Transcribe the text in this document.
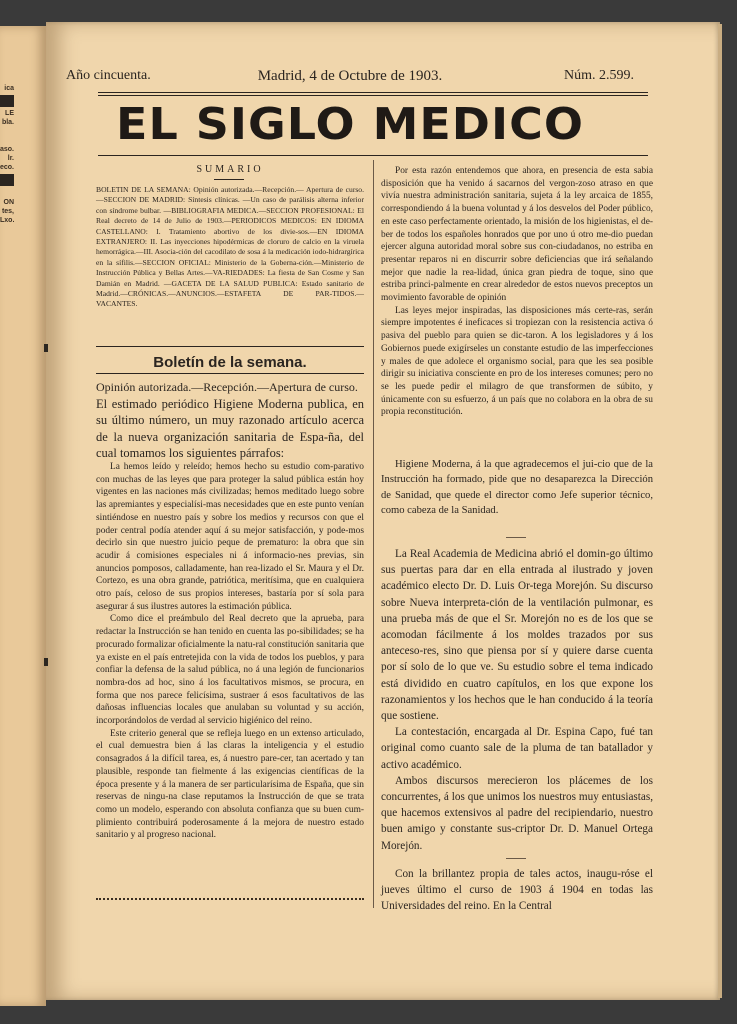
ica
LE
bla.
aso.
lr.
eco.
ON
tes,
Lxo.
Año cincuenta.	Madrid, 4 de Octubre de 1903.	Núm. 2.599.
EL SIGLO MEDICO
SUMARIO
BOLETIN DE LA SEMANA: Opinión autorizada.—Recepción.— Apertura de curso.—SECCION DE MADRID: Síntesis clínicas. —Un caso de parálisis alterna inferior con síndrome bulbar. —BIBLIOGRAFIA MEDICA.—SECCION PROFESIONAL: El Real decreto de 14 de Julio de 1903.—PERIODICOS MEDICOS: EN IDIOMA CASTELLANO: I. Tratamiento abortivo de los divie-sos.—EN IDIOMA EXTRANJERO: II. Las inyecciones hipodérmicas de cloruro de calcio en la viruela hemorrágica.—III. Asocia-ción del cacodilato de sosa á la medicación iodo-hidrargírica en la sífilis.—SECCION OFICIAL: Ministerio de la Goberna-ción.—Ministerio de Instrucción Pública y Bellas Artes.—VA-RIEDADES: La fiesta de San Cosme y San Damián en Madrid. —GACETA DE LA SALUD PUBLICA: Estado sanitario de Madrid.—CRÓNICAS.—ANUNCIOS.—ESTAFETA DE PAR-TIDOS.—VACANTES.
Boletín de la semana.
Opinión autorizada.—Recepción.—Apertura de curso.
El estimado periódico Higiene Moderna publica, en su último número, un muy razonado artículo acerca de la nueva organización sanitaria de Espa-ña, del cual tomamos los siguientes párrafos:

La hemos leído y releído; hemos hecho su estudio com-parativo con muchas de las leyes que para proteger la salud pública están hoy vigentes en las naciones más civilizadas; hemos meditado luego sobre las apremiantes y especialísi-mas necesidades que en este punto venían sintiéndose en nuestro país y sobre los medios y recursos con que el poder central podía atender aquí á su mejor satisfacción, y pode-mos decirlo sin que nuestro juicio peque de prematuro: la obra que sin acudir á comisiones especiales ni á informacio-nes previas, sin anuncios pomposos, calladamente, han rea-lizado el Sr. Maura y el Dr. Cortezo, es una obra grande, patriótica, meritísima, que en cualquiera otro país, celoso de sus propios intereses, bastaría por sí sola para asegurar á sus ilustres autores la estimación pública.

Como dice el preámbulo del Real decreto que la aprueba, para redactar la Instrucción se han tenido en cuenta las po-sibilidades; se ha procurado formalizar oficialmente la natu-ral constitución sanitaria que ya existe en el país entretejida con la vida de todos los pueblos, y para confiar la defensa de la salud pública, no á una legión de funcionarios nombra-dos ad hoc, sino á los facultativos mismos, se procura, en forma que nos parece felicísima, sustraer á esos facultativos de las dañosas influencias locales que anulaban su voluntad y su acción, incorporándolos de verdad al servicio higiénico del reino.

Este criterio general que se refleja luego en un extenso articulado, el cual demuestra bien á las claras la inteligencia y el estudio consagrados á la difícil tarea, es, á nuestro pare-cer, tan acertado y tan plausible, responde tan fielmente á las exigencias científicas de la época presente y á la manera de ser particularísima de España, que sin reservas de ningu-na clase reputamos la Instrucción de que se trata como un modelo, esperando con absoluta confianza que su buen cum-plimiento contribuirá poderosamente á la mejora de nuestro estado sanitario y al progreso nacional.

Por esta razón entendemos que ahora, en presencia de esta sabia disposición que ha venido á sacarnos del vergon-zoso atraso en que vivía nuestra administración sanitaria, sujeta á la ley arcaica de 1855, correspondiendo á la buena voluntad y á los desvelos del Poder público, en este caso perfectamente orientado, la misión de los higienistas, el de-ber de todos los españoles honrados que por uno ú otro me-dio puedan ejercer alguna autoridad moral sobre sus con-ciudadanos, no estriba en presentar reparos ni en discurrir sobre deficiencias que irá señalando mejor que nadie la rea-lidad, única gran piedra de toque, sino que estriba princi-palmente en crear alrededor de estos nuevos preceptos un movimiento favorable de opinión

Las leyes mejor inspiradas, las disposiciones más certe-ras, serán siempre impotentes é ineficaces si tropiezan con la resistencia activa ó pasiva del pueblo para quien se dic-taron. A los legisladores y á los Gobiernos puede exigírseles un constante estudio de las imperfecciones y males de que adolece el organismo social, para que les sea posible dirigir su iniciativa consciente en pro de los intereses comunes; pero no se les puede pedir el milagro de que transformen de súbito, y únicamente con su esfuerzo, á un país que no colabora en la obra de su propia reconstitución.

Higiene Moderna, á la que agradecemos el jui-cio que de la Instrucción ha formado, pide que no desaparezca la Dirección de Sanidad, que quede el director como Jefe superior técnico, como cabeza de la Sanidad.

La Real Academia de Medicina abrió el domin-go último sus puertas para dar en ella entrada al ilustrado y joven académico electo Dr. D. Luis Or-tega Morejón. Su discurso sobre Nueva interpreta-ción de la ventilación pulmonar, es una prueba más de que el Sr. Morejón no es de los que se acomodan fácilmente á los moldes trazados por sus anteceso-res, sino que piensa por sí y quiere darse cuenta por sí solo de lo que ve. Su estudio sobre el tema indicado está dividido en cuatro capítulos, en los que expone los razonamientos y los hechos que le han conducido á la teoría que sostiene.

La contestación, encargada al Dr. Espina Capo, fué tan original como cuanto sale de la pluma de tan batallador y activo académico.

Ambos discursos merecieron los plácemes de los concurrentes, á los que unimos los nuestros muy entusiastas, que hacemos extensivos al padre del recipiendario, nuestro buen amigo y constante sus-criptor Dr. D. Manuel Ortega Morejón.

Con la brillantez propia de tales actos, inaugu-róse el jueves último el curso de 1903 á 1904 en todas las Universidades del reino. En la Central
